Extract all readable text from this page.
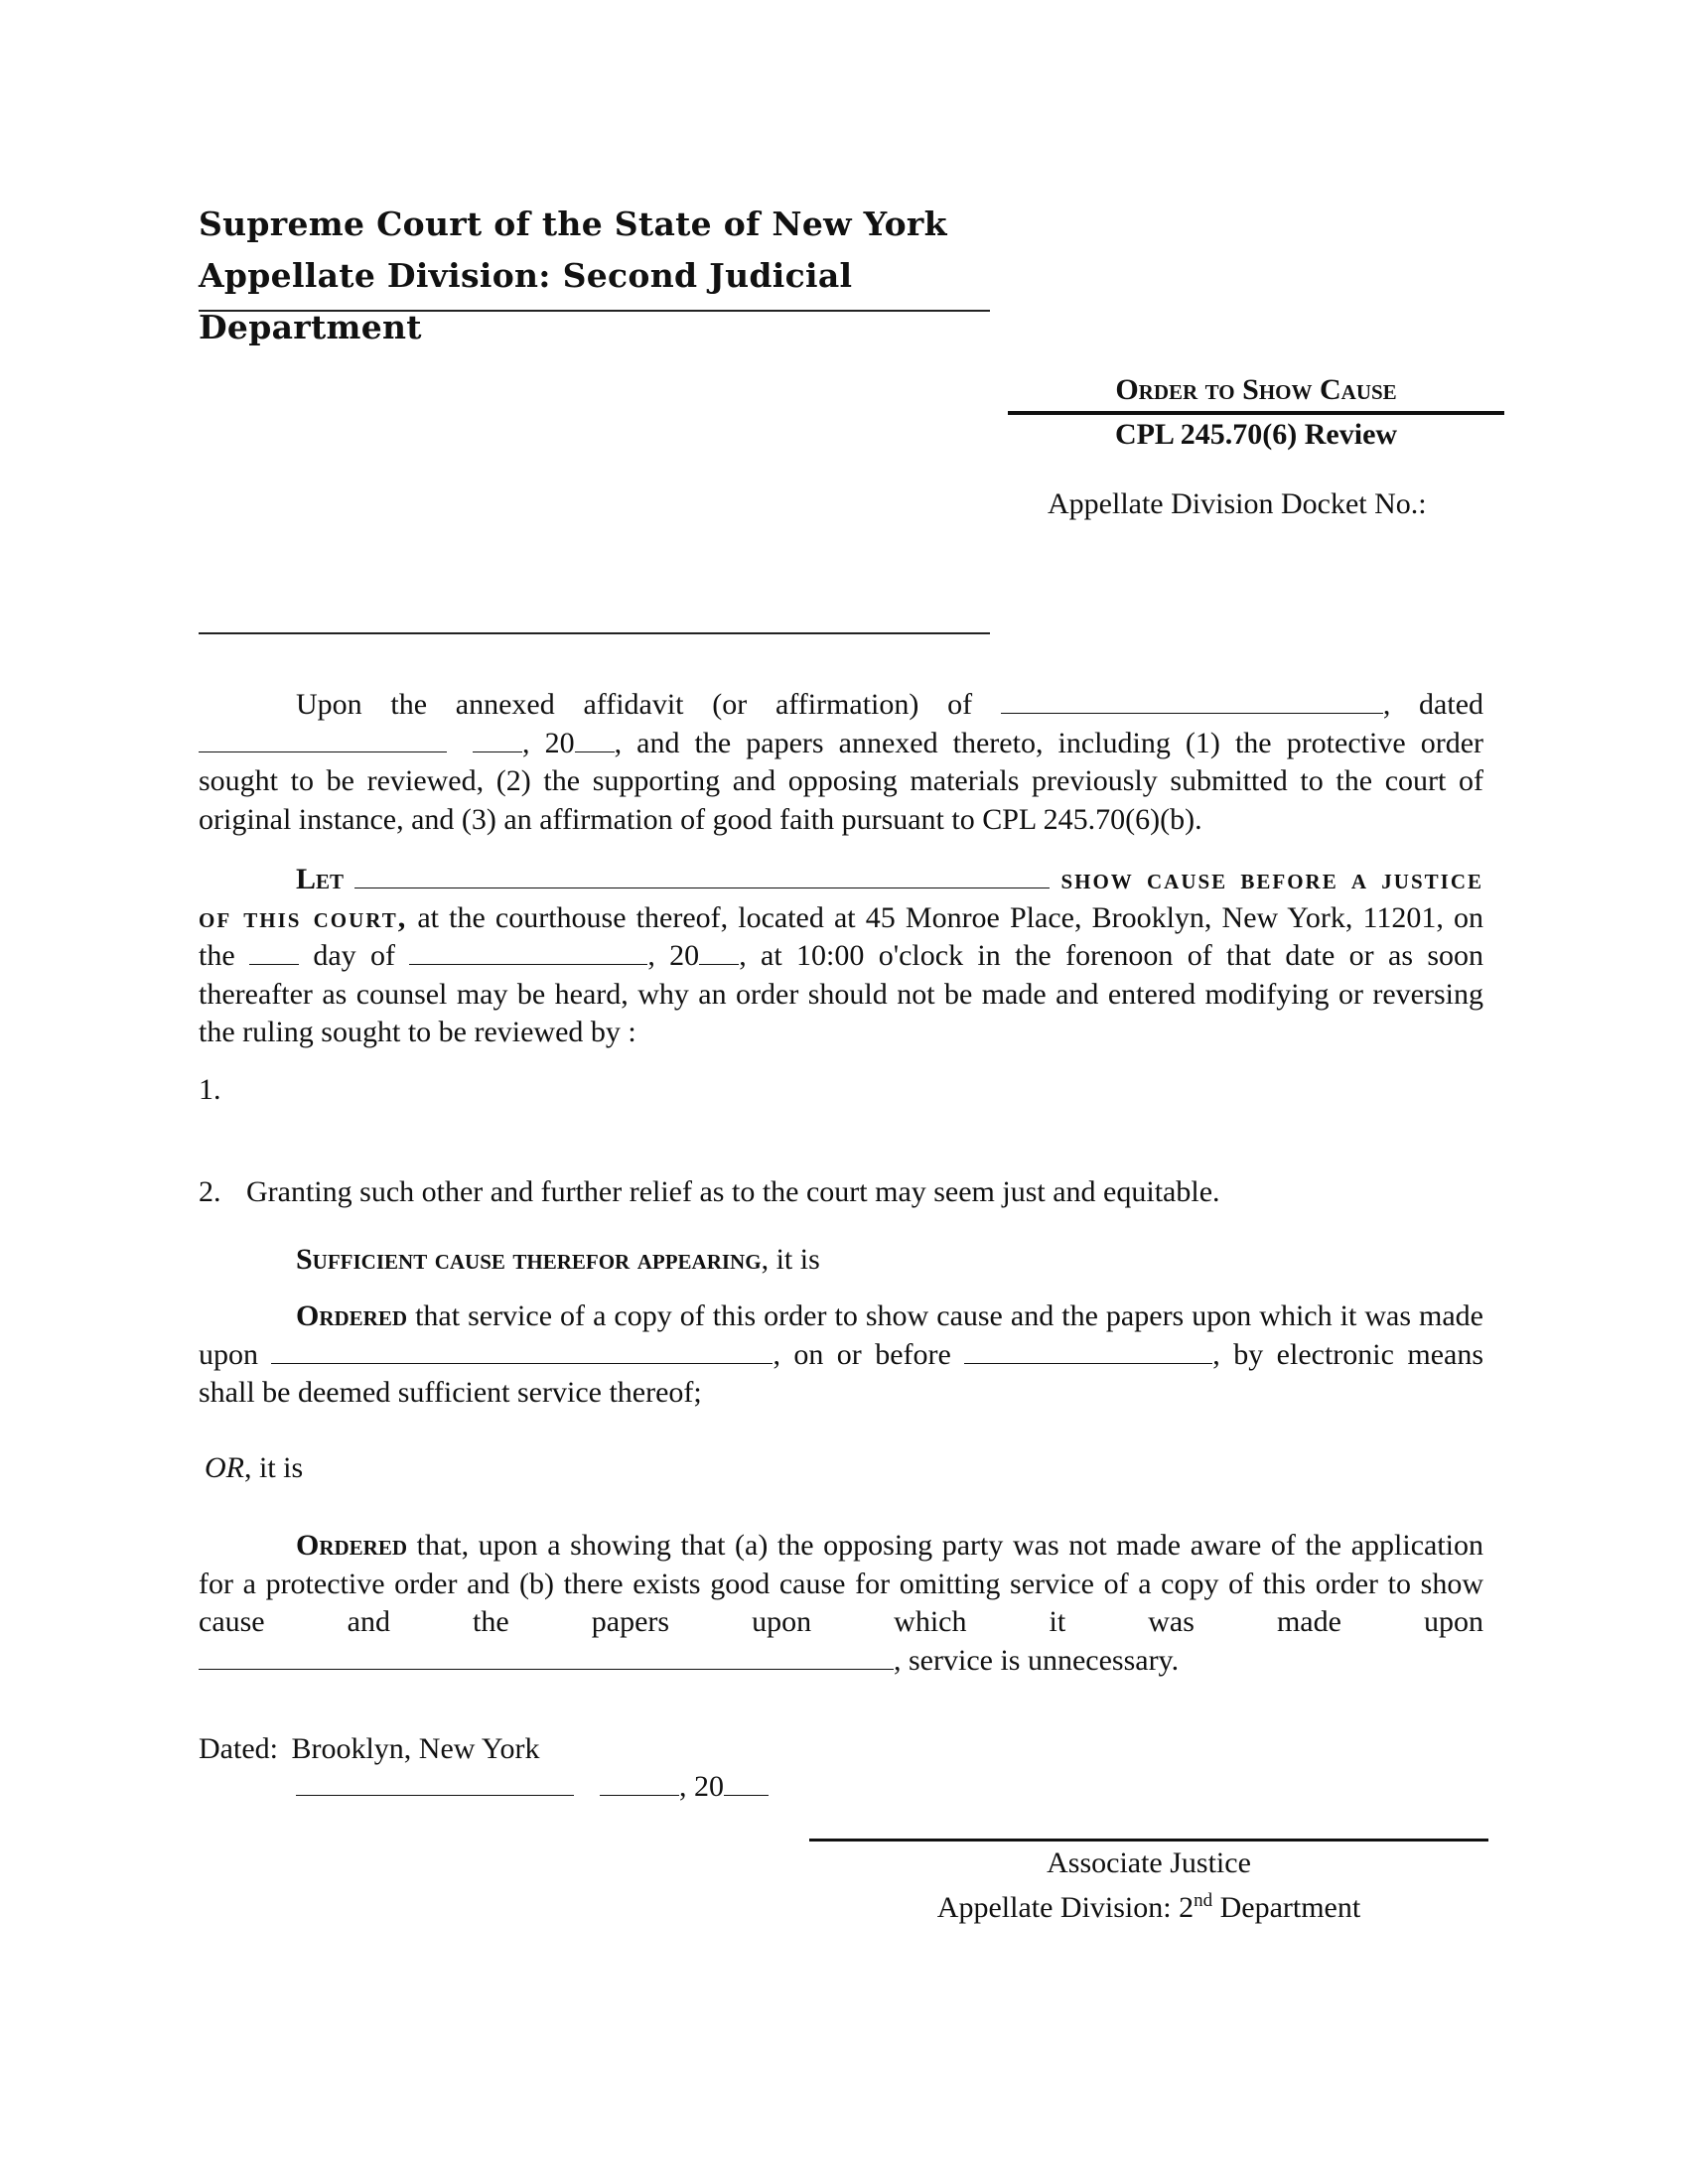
Supreme Court of the State of New York
Appellate Division: Second Judicial Department
Order to Show Cause
CPL 245.70(6) Review
Appellate Division Docket No.:
Upon the annexed affidavit (or affirmation) of	, dated , 20 , and the papers annexed thereto, including (1) the protective order sought to be reviewed, (2) the supporting and opposing materials previously submitted to the court of original instance, and (3) an affirmation of good faith pursuant to CPL 245.70(6)(b).
Let	show cause before a justice of this court, at the courthouse thereof, located at 45 Monroe Place, Brooklyn, New York, 11201, on the	day of	, 20 , at 10:00 o'clock in the forenoon of that date or as soon thereafter as counsel may be heard, why an order should not be made and entered modifying or reversing the ruling sought to be reviewed by :
1.
2. Granting such other and further relief as to the court may seem just and equitable.
Sufficient cause therefor appearing, it is
Ordered that service of a copy of this order to show cause and the papers upon which it was made upon	, on or before	, by electronic means shall be deemed sufficient service thereof;
OR, it is
Ordered that, upon a showing that (a) the opposing party was not made aware of the application for a protective order and (b) there exists good cause for omitting service of a copy of this order to show cause and the papers upon which it was made upon , service is unnecessary.
Dated: Brooklyn, New York
, 20
Associate Justice
Appellate Division: 2nd Department
